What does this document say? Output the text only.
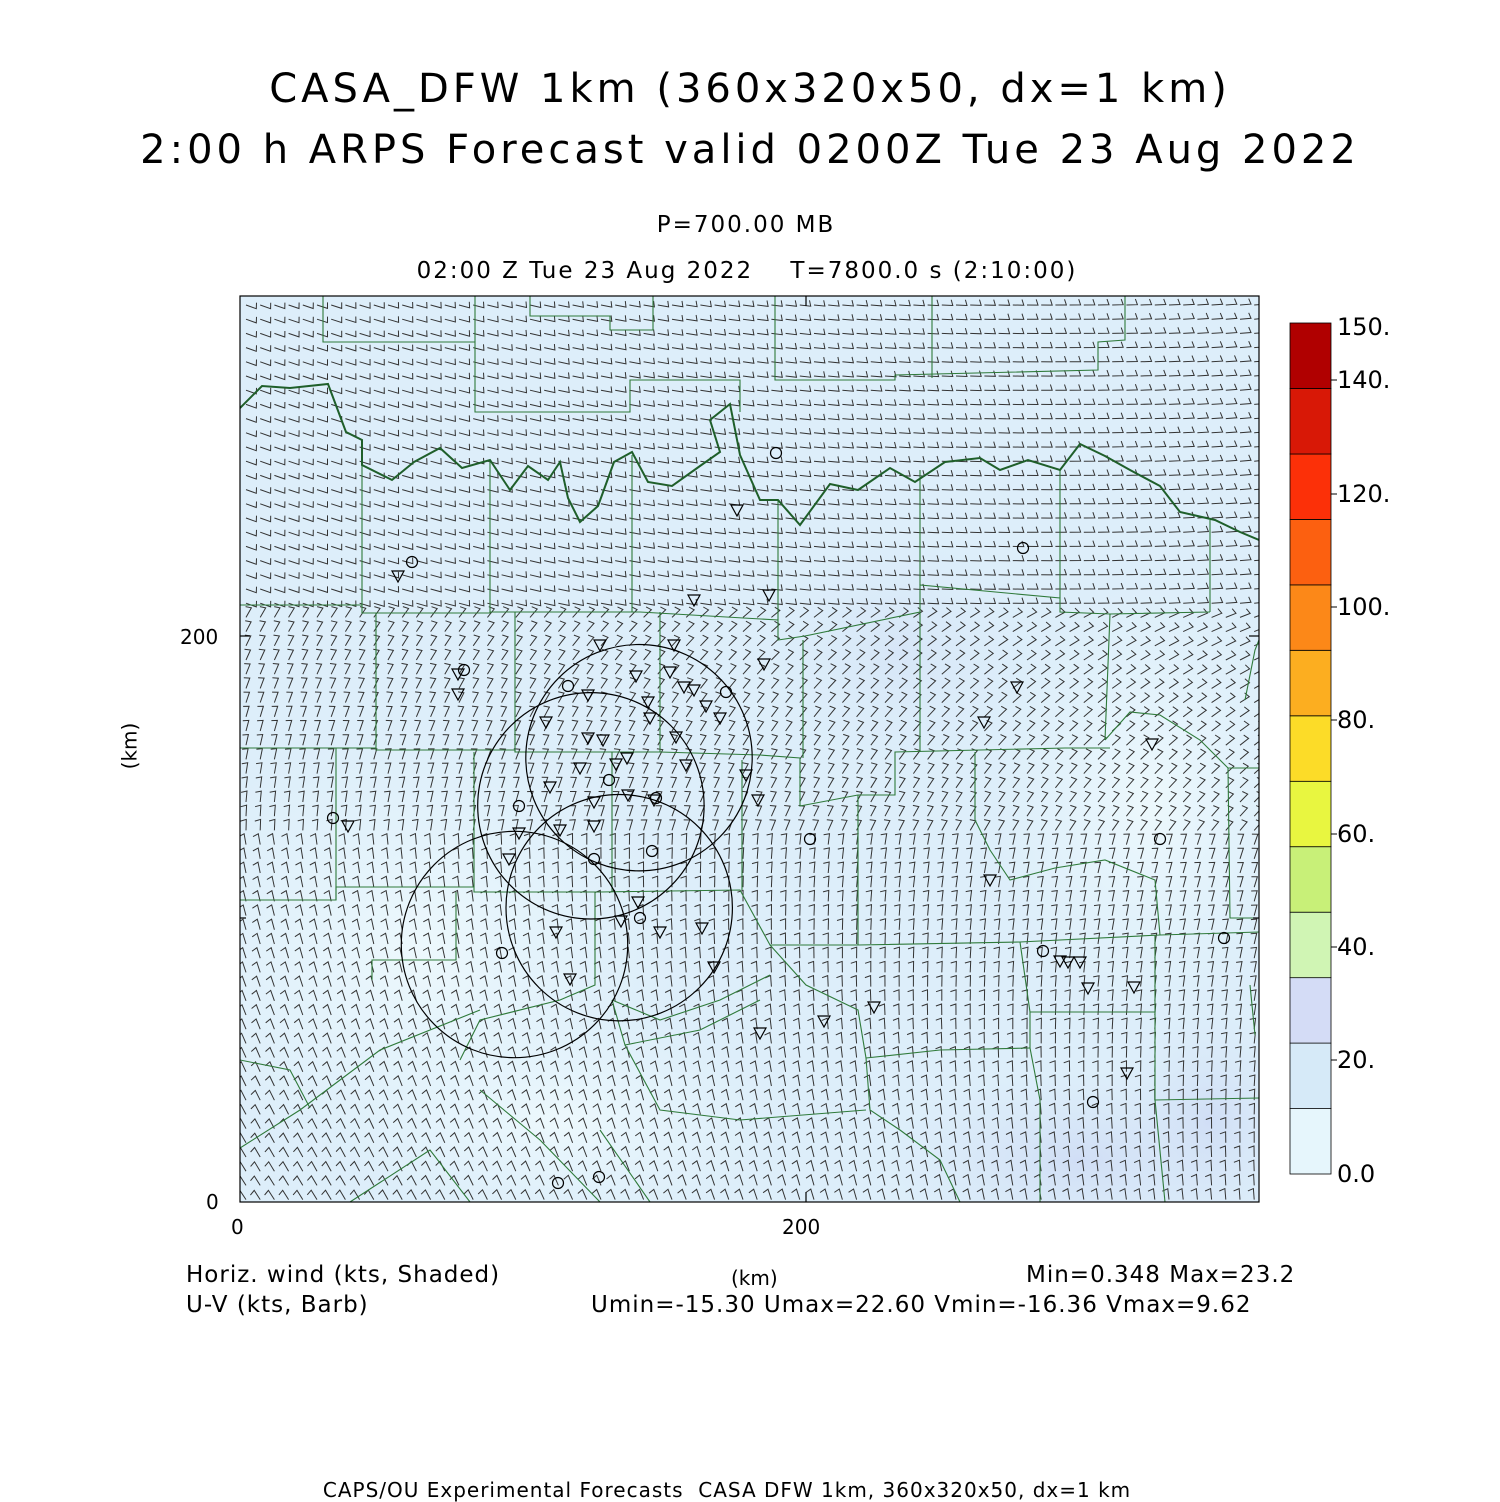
CASA_DFW 1km (360x320x50, dx=1 km)
2:00 h ARPS Forecast valid 0200Z Tue 23 Aug 2022
P=700.00 MB
02:00 Z Tue 23 Aug 2022    T=7800.0 s (2:10:00)
0
200
0	200
(km)
(km)
150.
140.
120.
100.
80.
60.
40.
20.
0.0
Horiz. wind (kts, Shaded)
U-V (kts, Barb)
Min=0.348 Max=23.2
Umin=-15.30 Umax=22.60 Vmin=-16.36 Vmax=9.62
CAPS/OU Experimental Forecasts  CASA DFW 1km, 360x320x50, dx=1 km
